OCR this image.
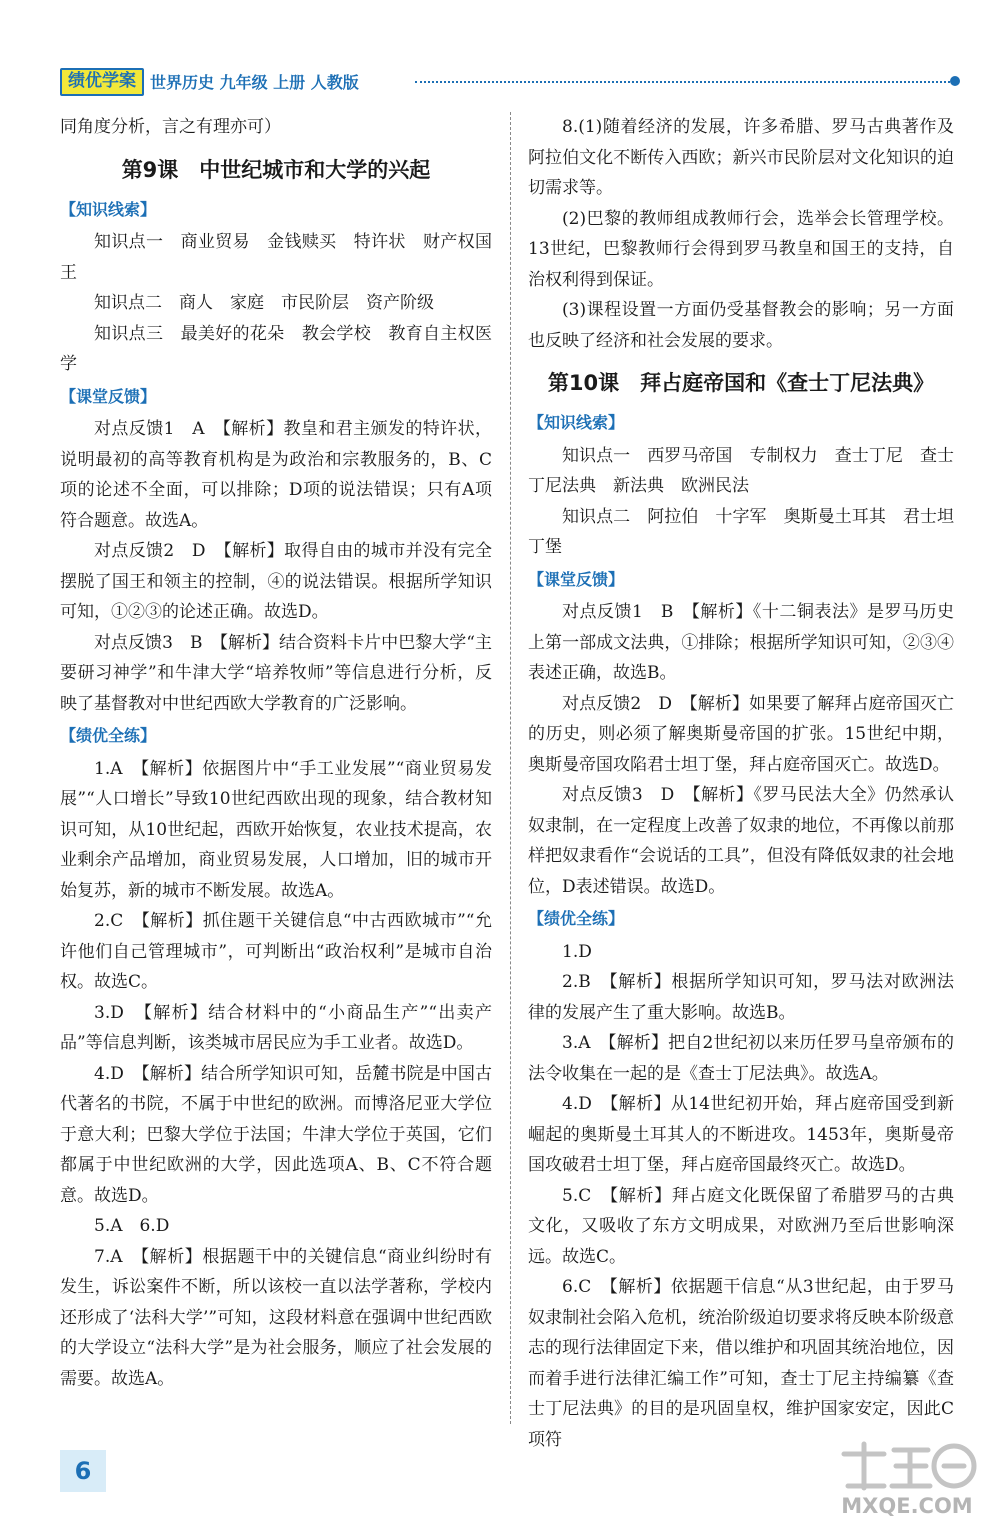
绩优学案 世界历史 九年级 上册 人教版

同角度分析，言之有理亦可）

第9课　中世纪城市和大学的兴起
【知识线索】

知识点一　商业贸易　金钱赎买　特许状　财产权国王

知识点二　商人　家庭　市民阶层　资产阶级

知识点三　最美好的花朵　教会学校　教育自主权医学

【课堂反馈】

对点反馈1　A　【解析】教皇和君主颁发的特许状，说明最初的高等教育机构是为政治和宗教服务的，B、C项的论述不全面，可以排除；D项的说法错误；只有A项符合题意。故选A。

对点反馈2　D　【解析】取得自由的城市并没有完全摆脱了国王和领主的控制，④的说法错误。根据所学知识可知，①②③的论述正确。故选D。

对点反馈3　B　【解析】结合资料卡片中巴黎大学“主要研习神学”和牛津大学“培养牧师”等信息进行分析，反映了基督教对中世纪西欧大学教育的广泛影响。

【绩优全练】

1.A　【解析】依据图片中“手工业发展”“商业贸易发展”“人口增长”导致10世纪西欧出现的现象，结合教材知识可知，从10世纪起，西欧开始恢复，农业技术提高，农业剩余产品增加，商业贸易发展，人口增加，旧的城市开始复苏，新的城市不断发展。故选A。

2.C　【解析】抓住题干关键信息“中古西欧城市”“允许他们自己管理城市”，可判断出“政治权利”是城市自治权。故选C。

3.D　【解析】结合材料中的“小商品生产”“出卖产品”等信息判断，该类城市居民应为手工业者。故选D。

4.D　【解析】结合所学知识可知，岳麓书院是中国古代著名的书院，不属于中世纪的欧洲。而博洛尼亚大学位于意大利；巴黎大学位于法国；牛津大学位于英国，它们都属于中世纪欧洲的大学，因此选项A、B、C不符合题意。故选D。

5.A　6.D

7.A　【解析】根据题干中的关键信息“商业纠纷时有发生，诉讼案件不断，所以该校一直以法学著称，学校内还形成了‘法科大学’”可知，这段材料意在强调中世纪西欧的大学设立“法科大学”是为社会服务，顺应了社会发展的需要。故选A。

8.(1)随着经济的发展，许多希腊、罗马古典著作及阿拉伯文化不断传入西欧；新兴市民阶层对文化知识的迫切需求等。

(2)巴黎的教师组成教师行会，选举会长管理学校。13世纪，巴黎教师行会得到罗马教皇和国王的支持，自治权利得到保证。

(3)课程设置一方面仍受基督教会的影响；另一方面也反映了经济和社会发展的要求。

第10课　拜占庭帝国和《查士丁尼法典》
【知识线索】

知识点一　西罗马帝国　专制权力　查士丁尼　查士丁尼法典　新法典　欧洲民法

知识点二　阿拉伯　十字军　奥斯曼土耳其　君士坦丁堡

【课堂反馈】

对点反馈1　B　【解析】《十二铜表法》是罗马历史上第一部成文法典，①排除；根据所学知识可知，②③④表述正确，故选B。

对点反馈2　D　【解析】如果要了解拜占庭帝国灭亡的历史，则必须了解奥斯曼帝国的扩张。15世纪中期，奥斯曼帝国攻陷君士坦丁堡，拜占庭帝国灭亡。故选D。

对点反馈3　D　【解析】《罗马民法大全》仍然承认奴隶制，在一定程度上改善了奴隶的地位，不再像以前那样把奴隶看作“会说话的工具”，但没有降低奴隶的社会地位，D表述错误。故选D。

【绩优全练】

1.D

2.B　【解析】根据所学知识可知，罗马法对欧洲法律的发展产生了重大影响。故选B。

3.A　【解析】把自2世纪初以来历任罗马皇帝颁布的法令收集在一起的是《查士丁尼法典》。故选A。

4.D　【解析】从14世纪初开始，拜占庭帝国受到新崛起的奥斯曼土耳其人的不断进攻。1453年，奥斯曼帝国攻破君士坦丁堡，拜占庭帝国最终灭亡。故选D。

5.C　【解析】拜占庭文化既保留了希腊罗马的古典文化，又吸收了东方文明成果，对欧洲乃至后世影响深远。故选C。

6.C　【解析】依据题干信息“从3世纪起，由于罗马奴隶制社会陷入危机，统治阶级迫切要求将反映本阶级意志的现行法律固定下来，借以维护和巩固其统治地位，因而着手进行法律汇编工作”可知，查士丁尼主持编纂《查士丁尼法典》的目的是巩固皇权，维护国家安定，因此C项符

6
MXQE.COM
